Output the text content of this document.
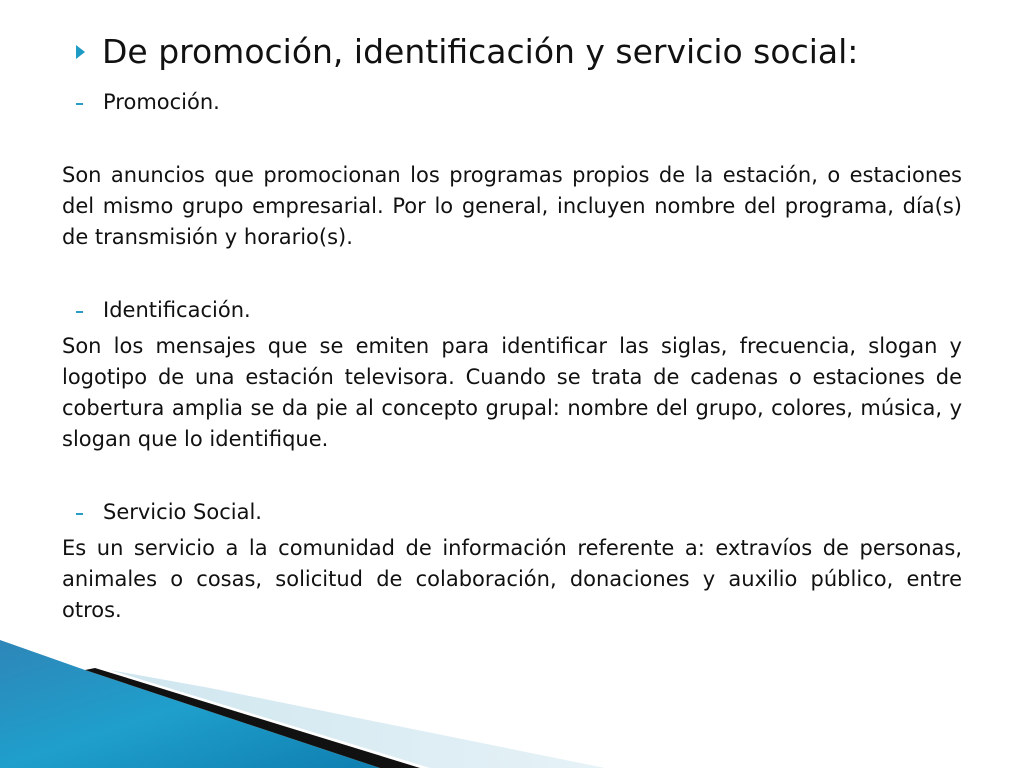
De promoción, identificación y servicio social:
Promoción.
Son anuncios que promocionan los programas propios de la estación, o estaciones del mismo grupo empresarial. Por lo general, incluyen nombre del programa, día(s) de transmisión y horario(s).
Identificación.
Son los mensajes que se emiten para identificar las siglas, frecuencia, slogan y logotipo de una estación televisora. Cuando se trata de cadenas o estaciones de cobertura amplia se da pie al concepto grupal: nombre del grupo, colores, música, y slogan que lo identifique.
Servicio Social.
Es un servicio a la comunidad de información referente a: extravíos de personas, animales o cosas, solicitud de colaboración, donaciones y auxilio público, entre otros.
